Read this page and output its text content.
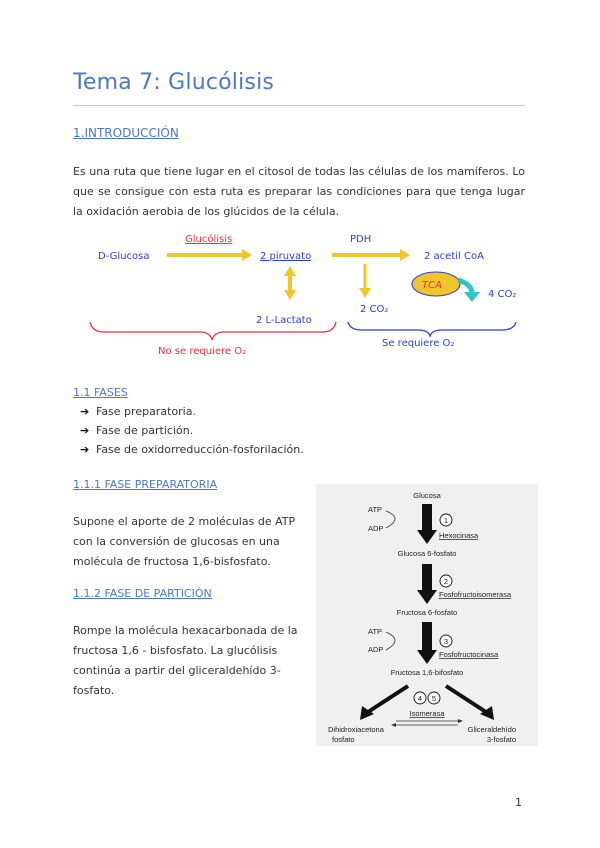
Tema 7: Glucólisis
1.INTRODUCCIÓN
Es una ruta que tiene lugar en el citosol de todas las células de los mamíferos. Lo que se consigue con esta ruta es preparar las condiciones para que tenga lugar la oxidación aerobia de los glúcidos de la célula.
D-Glucosa
Glucólisis
2 piruvato
PDH
2 acetil CoA
2 L-Lactato
2 CO₂
TCA
4 CO₂
No se requiere O₂
Se requiere O₂
1.1 FASES
➔ Fase preparatoria.
➔ Fase de partición.
➔ Fase de oxidorreducción-fosforilación.
1.1.1 FASE PREPARATORIA
Supone el aporte de 2 moléculas de ATP con la conversión de glucosas en una molécula de fructosa 1,6-bisfosfato.
1.1.2 FASE DE PARTICIÓN
Rompe la molécula hexacarbonada de la fructosa 1,6 - bisfosfato. La glucólisis continúa a partir del gliceraldehído 3-fosfato.
Glucosa
ATP
ADP
1
Hexocinasa
Glucosa 6-fosfato
2
Fosfofructoisomerasa
Fructosa 6-fosfato
ATP
ADP
3
Fosfofructocinasa
Fructosa 1,6-bifosfato
4 5
Isomerasa
Dihidroxiacetona
fosfato
Gliceraldehído
3-fosfato
1
